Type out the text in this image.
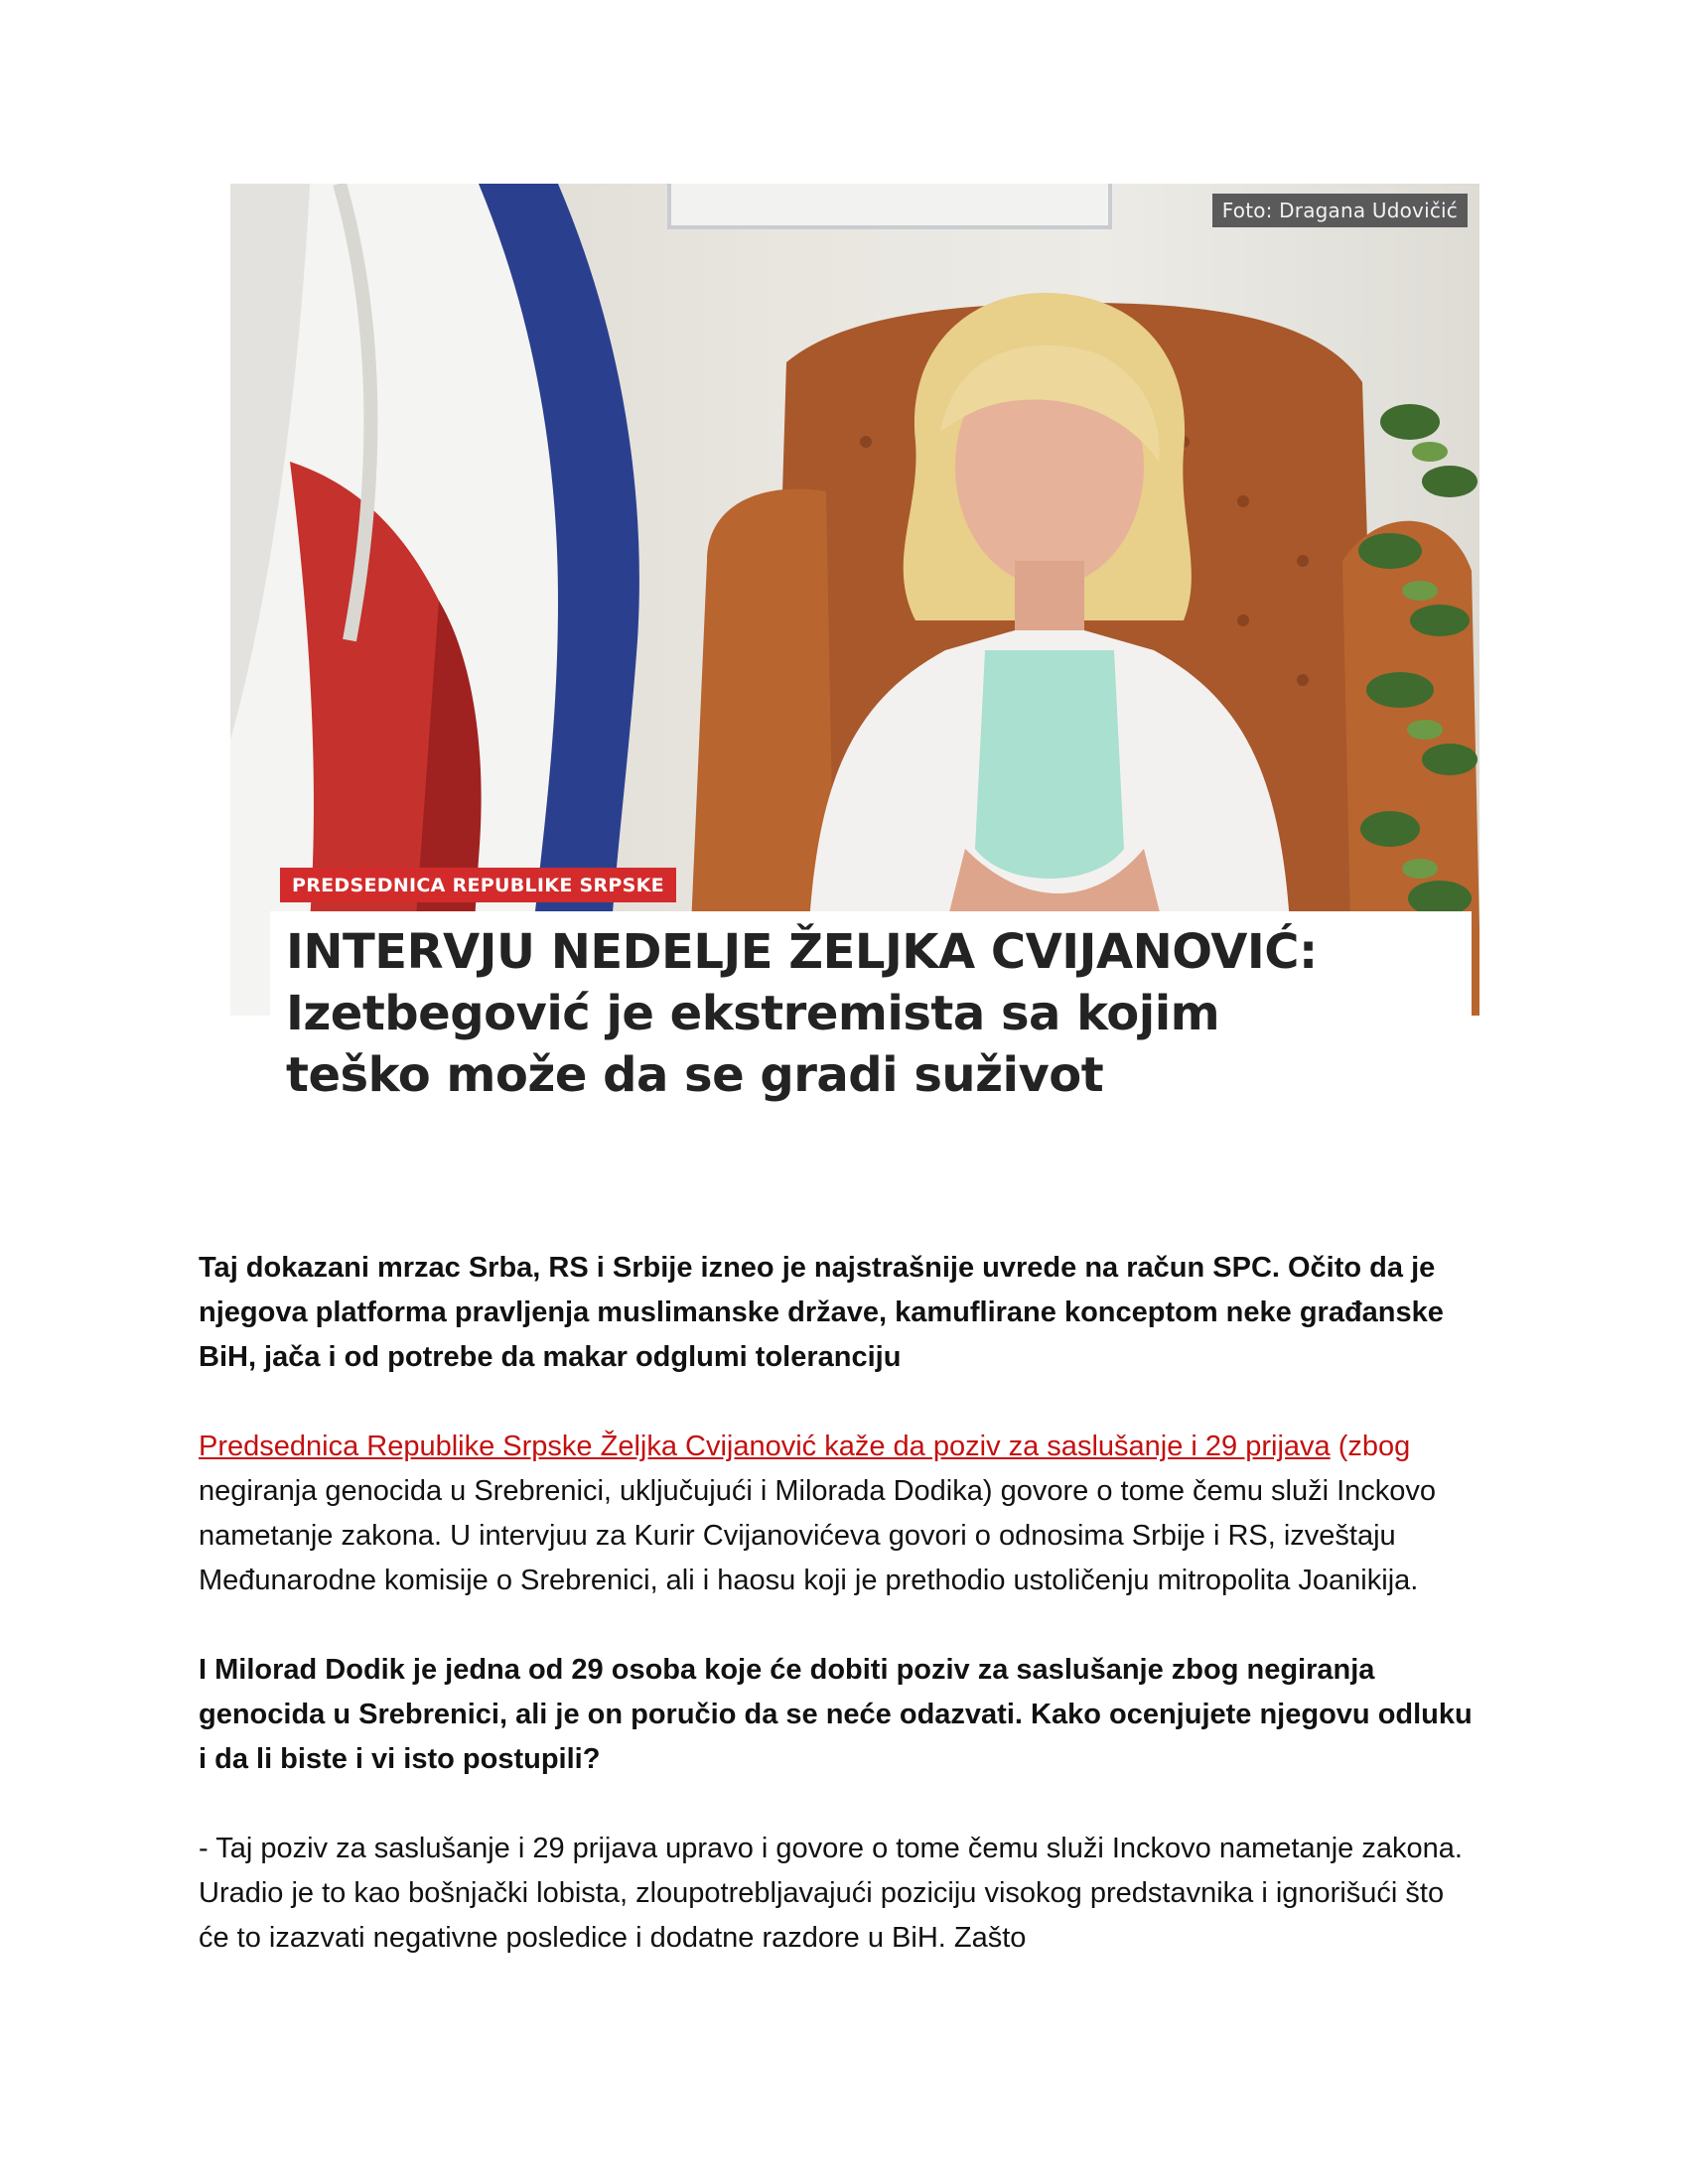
Foto: Dragana Udovičić
PREDSEDNICA REPUBLIKE SRPSKE
INTERVJU NEDELJE ŽELJKA CVIJANOVIĆ:
Izetbegović je ekstremista sa kojim
teško može da se gradi suživot

Taj dokazani mrzac Srba, RS i Srbije izneo je najstrašnije uvrede na račun SPC. Očito da je njegova platforma pravljenja muslimanske države, kamuflirane konceptom neke građanske BiH, jača i od potrebe da makar odglumi toleranciju

Predsednica Republike Srpske Željka Cvijanović kaže da poziv za saslušanje i 29 prijava (zbog negiranja genocida u Srebrenici, uključujući i Milorada Dodika) govore o tome čemu služi Inckovo nametanje zakona. U intervjuu za Kurir Cvijanovićeva govori o odnosima Srbije i RS, izveštaju Međunarodne komisije o Srebrenici, ali i haosu koji je prethodio ustoličenju mitropolita Joanikija.

I Milorad Dodik je jedna od 29 osoba koje će dobiti poziv za saslušanje zbog negiranja genocida u Srebrenici, ali je on poručio da se neće odazvati. Kako ocenjujete njegovu odluku i da li biste i vi isto postupili?

- Taj poziv za saslušanje i 29 prijava upravo i govore o tome čemu služi Inckovo nametanje zakona. Uradio je to kao bošnjački lobista, zloupotrebljavajući poziciju visokog predstavnika i ignorišući što će to izazvati negativne posledice i dodatne razdore u BiH. Zašto
